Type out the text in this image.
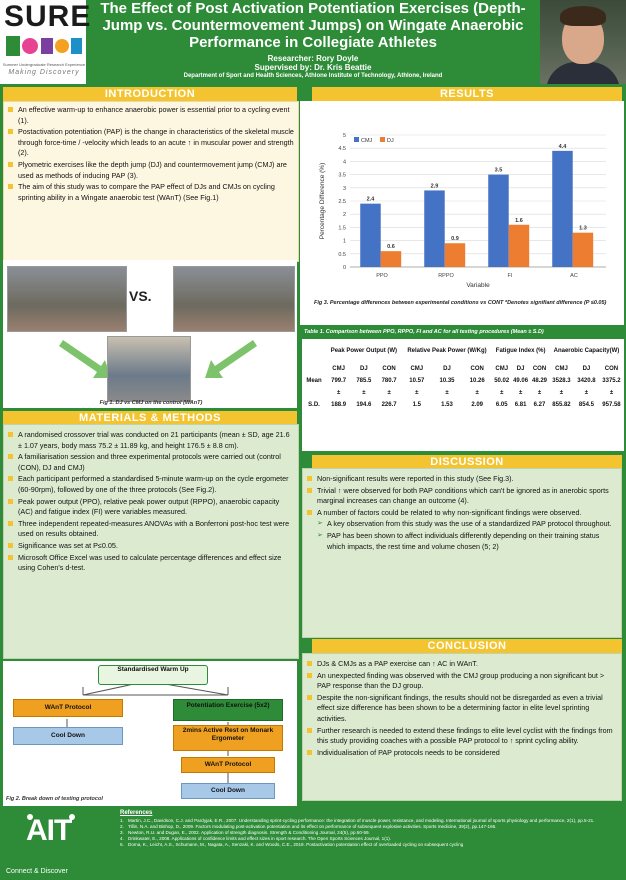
SURE
Summer Undergraduate Research Experience
Making Discovery
The Effect of Post Activation Potentiation Exercises (Depth-Jump vs. Countermovement Jumps) on Wingate Anaerobic Performance in Collegiate Athletes
Researcher: Rory Doyle
Supervised by: Dr. Kris Beattie
Department of Sport and Health Sciences, Athlone Institute of Technology, Athlone, Ireland
INTRODUCTION
An effective warm-up to enhance anaerobic power is essential prior to a cycling event (1).
Postactivation potentiation (PAP) is the change in characteristics of the skeletal muscle through force-time / -velocity which leads to an acute ↑ in muscular power and strength (2).
Plyometric exercises like the depth jump (DJ) and countermovement jump (CMJ) are used as methods of inducing PAP (3).
The aim of this study was to compare the PAP effect of DJs and CMJs on cycling sprinting ability in a Wingate anaerobic test (WAnT) (See Fig.1)
VS.
Fig 1. DJ vs CMJ on the control (WAnT)
MATERIALS & METHODS
A randomised crossover trial was conducted on 21 participants (mean ± SD, age 21.6 ± 1.07 years, body mass 75.2 ± 11.89 kg, and height 176.5 ± 8.8 cm).
A familiarisation session and three experimental protocols were carried out (control (CON), DJ and CMJ)
Each participant performed a standardised 5-minute warm-up on the cycle ergometer (60-90rpm), followed by one of the three protocols (See Fig.2).
Peak power output (PPO), relative peak power output (RPPO), anaerobic capacity (AC) and fatigue index (FI) were variables measured.
Three independent repeated-measures ANOVAs with a Bonferroni post-hoc test were used on results obtained.
Significance was set at P≤0.05.
Microsoft Office Excel was used to calculate percentage differences and effect size using Cohen's d-test.
Standardised Warm Up
WAnT Protocol
Cool Down
Potentiation Exercise (5x2)
2mins Active Rest on Monark Ergometer
WAnT Protocol
Cool Down
Fig 2. Break down of testing protocol
RESULTS
0
0.5
1
1.5
2
2.5
3
3.5
4
4.5
5
2.4
0.6
PPO
2.9
0.9
RPPO
3.5
1.6
FI
4.4
1.3
AC
Variable
Percentage Difference (%)
CMJ	DJ
Fig 3. Percentage differences between experimental conditions vs CONT *Denotes signifiant difference (P ≤0.05)
Table 1. Comparison between PPO, RPPO, FI and AC for all testing procedures (Mean ± S.D)
	Peak Power Output (W)			Relative Peak Power (W/Kg)			Fatigue Index (%)			Anaerobic Capacity(W)		
	CMJ	DJ	CON	CMJ	DJ	CON	CMJ	DJ	CON	CMJ	DJ	CON
Mean	799.7	785.5	780.7	10.57	10.35	10.26	50.02	49.06	48.29	3528.3	3420.8	3375.2
	±	±	±	±	±	±	±	±	±	±	±	±
S.D.	188.9	194.6	226.7	1.5	1.53	2.09	6.05	6.81	6.27	855.82	854.5	957.58
DISCUSSION
Non-significant results were reported in this study (See Fig.3).
Trivial ↑ were observed for both PAP conditions which can't be ignored as in anerobic sports marginal increases can change an outcome (4).
A number of factors could be related to why non-significant findings were observed.
➢ A key observation from this study was the use of a standardized PAP protocol throughout.
➢ PAP has been shown to affect individuals differently depending on their training status which impacts, the rest time and volume chosen (5; 2)
CONCLUSION
DJs & CMJs as a PAP exercise can ↑ AC in WAnT.
An unexpected finding was observed with the CMJ group producing a non significant but > PAP response than the DJ group.
Despite the non-significant findings, the results should not be disregarded as even a trivial effect size difference has been shown to be a determining factor in elite level sprinting activities.
Further research is needed to extend these findings to elite level cyclist with the findings from this study providing coaches with a possible PAP protocol to ↑ sprint cycling ability.
Individualisation of PAP protocols needs to be considered
AIT
Connect & Discover
References
1. Martin, J.C., Davidson, C.J. and Pardyjak, E.R., 2007. Understanding sprint-cycling performance: the integration of muscle power, resistance, and modeling. International journal of sports physiology and performance, 2(1), pp.5-21.
2. Tillin, N.A. and Bishop, D., 2009. Factors modulating post-activation potentiation and its effect on performance of subsequent explosive activities. Sports medicine, 39(2), pp.147-166.
3. Newton, R.U. and Dugan, E., 2002. Application of strength diagnosis. Strength & Conditioning Journal, 24(5), pp.50-59.
4. Drinkwater, E., 2008. Applications of confidence limits and effect sizes in sport research. The Open Sports Sciences Journal, 1(1).
5. Doma, K., Leicht, A.S., Schumann, M., Nagata, A., Senzaki, K. and Woods, C.E., 2019. Postactivation potentiation effect of overloaded cycling on subsequent cycling
